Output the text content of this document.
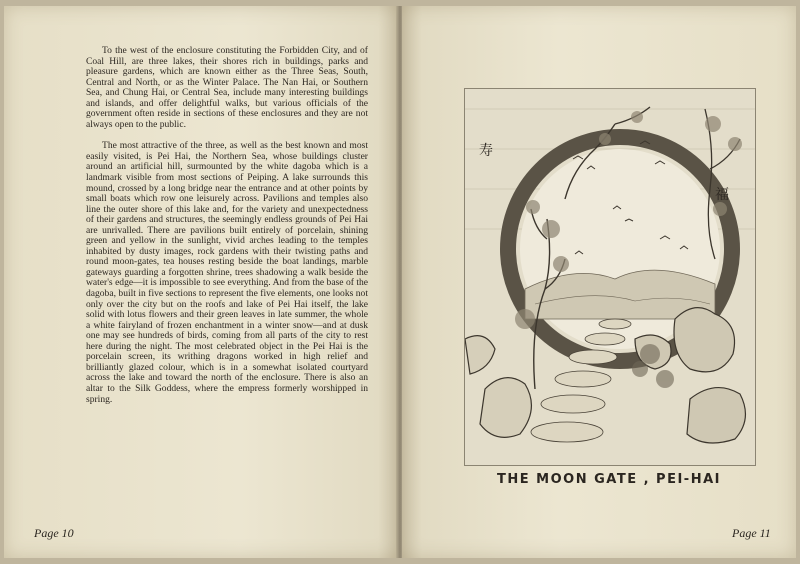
To the west of the enclosure constituting the Forbidden City, and of Coal Hill, are three lakes, their shores rich in buildings, parks and pleasure gardens, which are known either as the Three Seas, South, Central and North, or as the Winter Palace. The Nan Hai, or Southern Sea, and Chung Hai, or Central Sea, include many interesting buildings and islands, and offer delightful walks, but various officials of the government often reside in sections of these enclosures and they are not always open to the public.

The most attractive of the three, as well as the best known and most easily visited, is Pei Hai, the Northern Sea, whose buildings cluster around an artificial hill, surmounted by the white dagoba which is a landmark visible from most sections of Peiping. A lake surrounds this mound, crossed by a long bridge near the entrance and at other points by small boats which row one leisurely across. Pavilions and temples also line the outer shore of this lake and, for the variety and unexpectedness of their gardens and structures, the seemingly endless grounds of Pei Hai are unrivalled. There are pavilions built entirely of porcelain, shining green and yellow in the sunlight, vivid arches leading to the temples inhabited by dusty images, rock gardens with their twisting paths and round moon-gates, tea houses resting beside the boat landings, marble gateways guarding a forgotten shrine, trees shadowing a walk beside the water's edge—it is impossible to see everything. And from the base of the dagoba, built in five sections to represent the five elements, one looks not only over the city but on the roofs and lake of Pei Hai itself, the lake solid with lotus flowers and their green leaves in late summer, the whole a white fairyland of frozen enchantment in a winter snow—and at dusk one may see hundreds of birds, coming from all parts of the city to rest here during the night. The most celebrated object in the Pei Hai is the porcelain screen, its writhing dragons worked in high relief and brilliantly glazed colour, which is in a somewhat isolated courtyard across the lake and toward the north of the enclosure. There is also an altar to the Silk Goddess, where the empress formerly worshipped in spring.

Page 10
寿
福
THE MOON GATE , PEI-HAI
Page 11
